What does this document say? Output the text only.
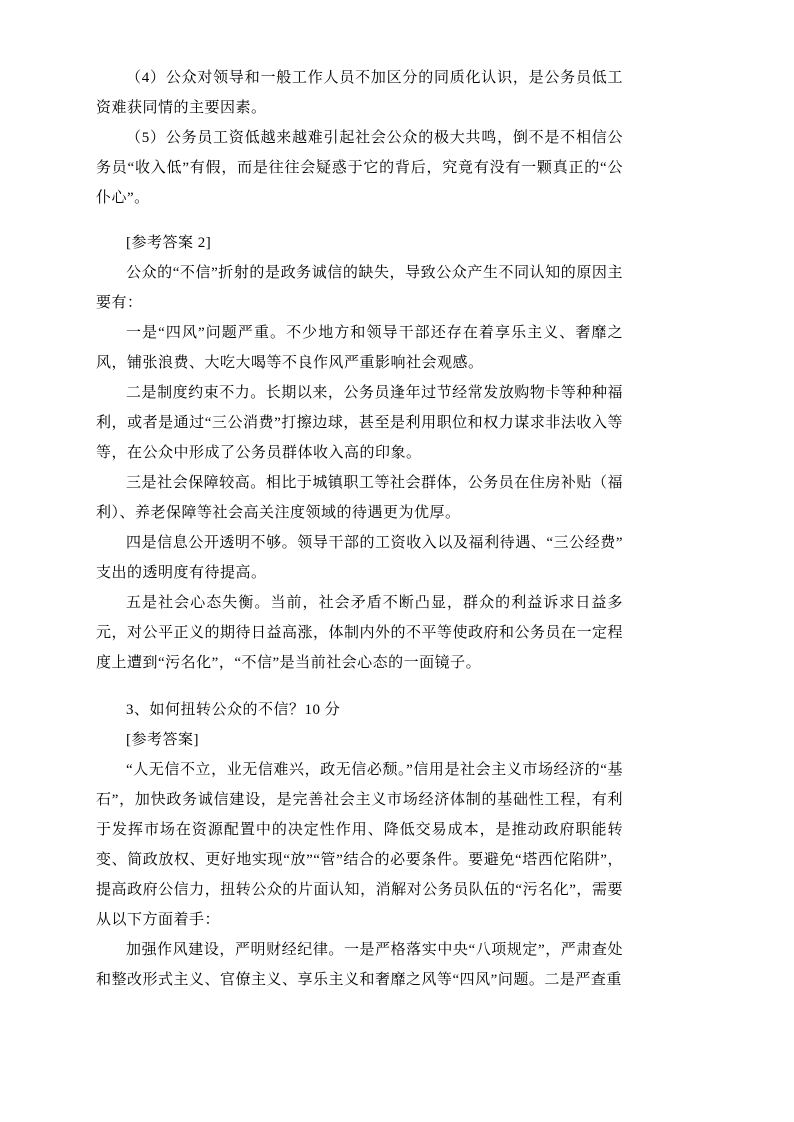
（4）公众对领导和一般工作人员不加区分的同质化认识，是公务员低工资难获同情的主要因素。

（5）公务员工资低越来越难引起社会公众的极大共鸣，倒不是不相信公务员“收入低”有假，而是往往会疑惑于它的背后，究竟有没有一颗真正的“公仆心”。

[参考答案 2]

公众的“不信”折射的是政务诚信的缺失，导致公众产生不同认知的原因主要有：

一是“四风”问题严重。不少地方和领导干部还存在着享乐主义、奢靡之风，铺张浪费、大吃大喝等不良作风严重影响社会观感。

二是制度约束不力。长期以来，公务员逢年过节经常发放购物卡等种种福利，或者是通过“三公消费”打擦边球，甚至是利用职位和权力谋求非法收入等等，在公众中形成了公务员群体收入高的印象。

三是社会保障较高。相比于城镇职工等社会群体，公务员在住房补贴（福利）、养老保障等社会高关注度领域的待遇更为优厚。

四是信息公开透明不够。领导干部的工资收入以及福利待遇、“三公经费”支出的透明度有待提高。

五是社会心态失衡。当前，社会矛盾不断凸显，群众的利益诉求日益多元，对公平正义的期待日益高涨，体制内外的不平等使政府和公务员在一定程度上遭到“污名化”，“不信”是当前社会心态的一面镜子。

3、如何扭转公众的不信？10 分

[参考答案]

“人无信不立，业无信难兴，政无信必颓。”信用是社会主义市场经济的“基石”，加快政务诚信建设，是完善社会主义市场经济体制的基础性工程，有利于发挥市场在资源配置中的决定性作用、降低交易成本，是推动政府职能转变、简政放权、更好地实现“放”“管”结合的必要条件。要避免“塔西佗陷阱”，提高政府公信力，扭转公众的片面认知，消解对公务员队伍的“污名化”，需要从以下方面着手：

加强作风建设，严明财经纪律。一是严格落实中央“八项规定”，严肃查处和整改形式主义、官僚主义、享乐主义和奢靡之风等“四风”问题。二是严查重
